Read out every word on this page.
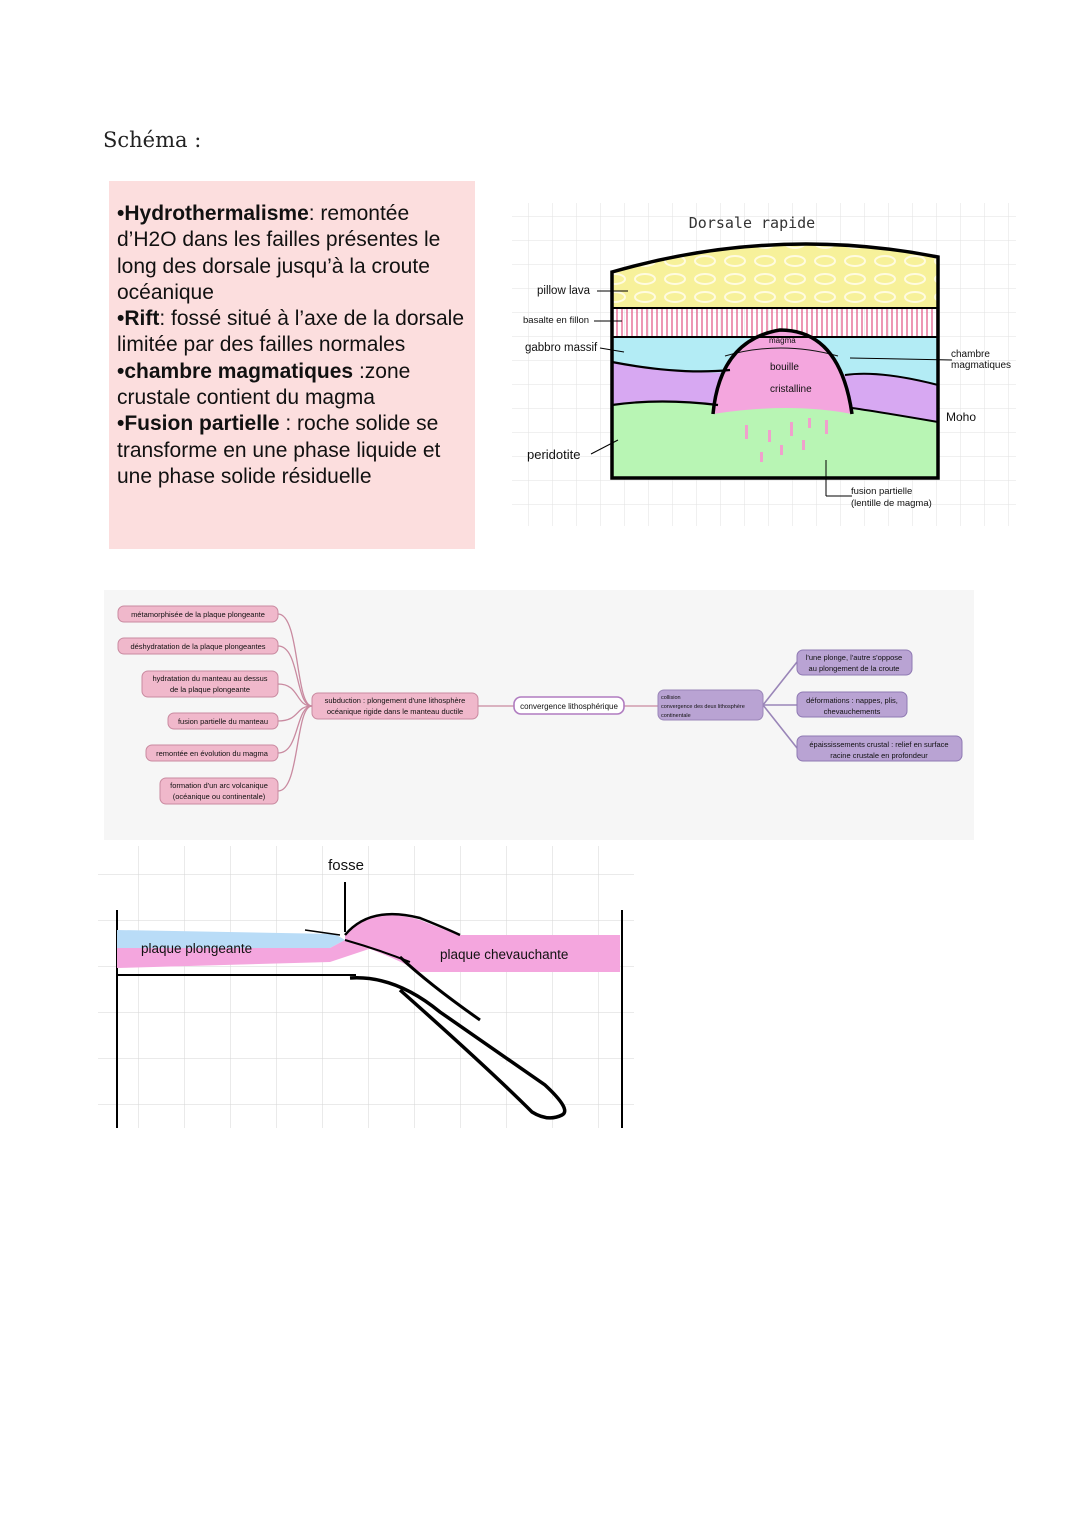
Schéma :

•Hydrothermalisme: remontée d’H2O dans les failles présentes le long des dorsale jusqu’à la croute océanique

•Rift: fossé situé à l’axe de la dorsale limitée par des failles normales

•chambre magmatiques :zone crustale contient du magma

•Fusion partielle : roche solide se transforme en une phase liquide et une phase solide résiduelle

Dorsale rapide
pillow lava
basalte en fillon
gabbro massif
peridotite
magma
bouille
cristalline
chambre
magmatiques
Moho
fusion partielle
(lentille de magma)
métamorphisée de la plaque plongeante
déshydratation de la plaque plongeantes
hydratation du manteau au dessus
de la plaque plongeante
fusion partielle du manteau
remontée en évolution du magma
formation d'un arc volcanique
(océanique ou continentale)
subduction : plongement d'une lithosphère
océanique rigide dans le manteau ductile
convergence lithosphérique
collision
convergence des deux lithosphère
continentale
l'une plonge, l'autre s'oppose
au plongement de la croute
déformations : nappes, plis,
chevauchements
épaississements crustal : relief en surface
racine crustale en profondeur
fosse
plaque plongeante	plaque chevauchante
